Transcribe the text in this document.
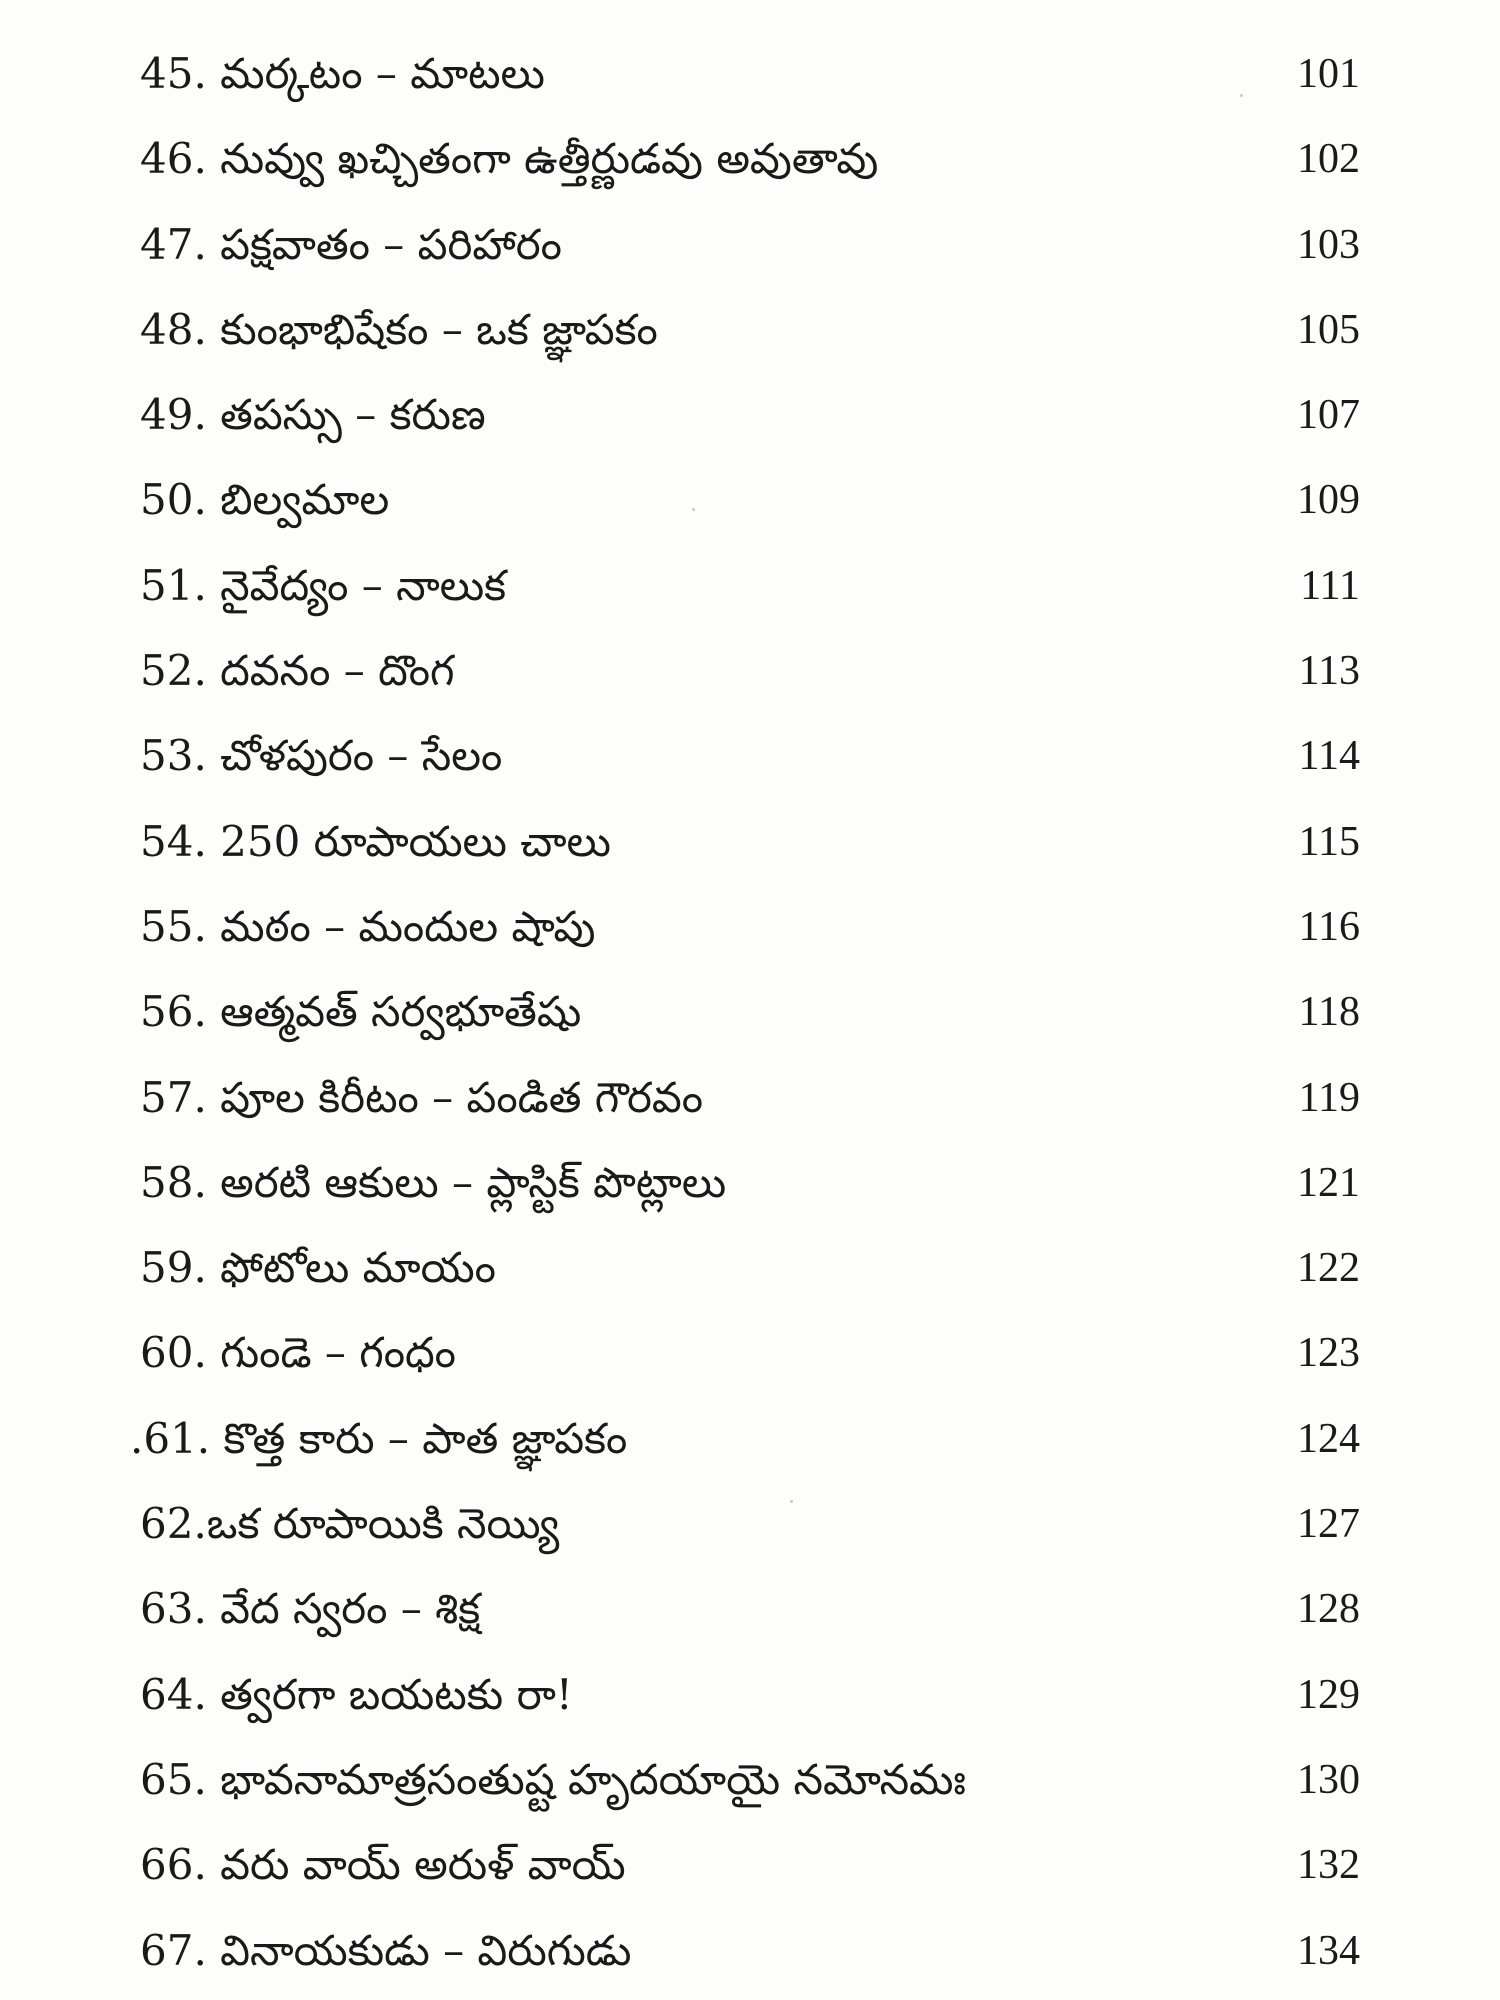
45. మర్కటం – మాటలు	101
46. నువ్వు ఖచ్చితంగా ఉత్తీర్ణుడవు అవుతావు	102
47. పక్షవాతం – పరిహారం	103
48. కుంభాభిషేకం – ఒక జ్ఞాపకం	105
49. తపస్సు – కరుణ	107
50. బిల్వమాల	109
51. నైవేద్యం – నాలుక	111
52. దవనం – దొంగ	113
53. చోళపురం – సేలం	114
54. 250 రూపాయలు చాలు	115
55. మఠం – మందుల షాపు	116
56. ఆత్మవత్ సర్వభూతేషు	118
57. పూల కిరీటం – పండిత గౌరవం	119
58. అరటి ఆకులు – ప్లాస్టిక్ పొట్లాలు	121
59. ఫోటోలు మాయం	122
60. గుండె – గంధం	123
.61. కొత్త కారు – పాత జ్ఞాపకం	124
62.ఒక రూపాయికి నెయ్యి	127
63. వేద స్వరం – శిక్ష	128
64. త్వరగా బయటకు రా!	129
65. భావనామాత్రసంతుష్ట హృదయాయై నమోనమః	130
66. వరు వాయ్ అరుళ్ వాయ్	132
67. వినాయకుడు – విరుగుడు	134
